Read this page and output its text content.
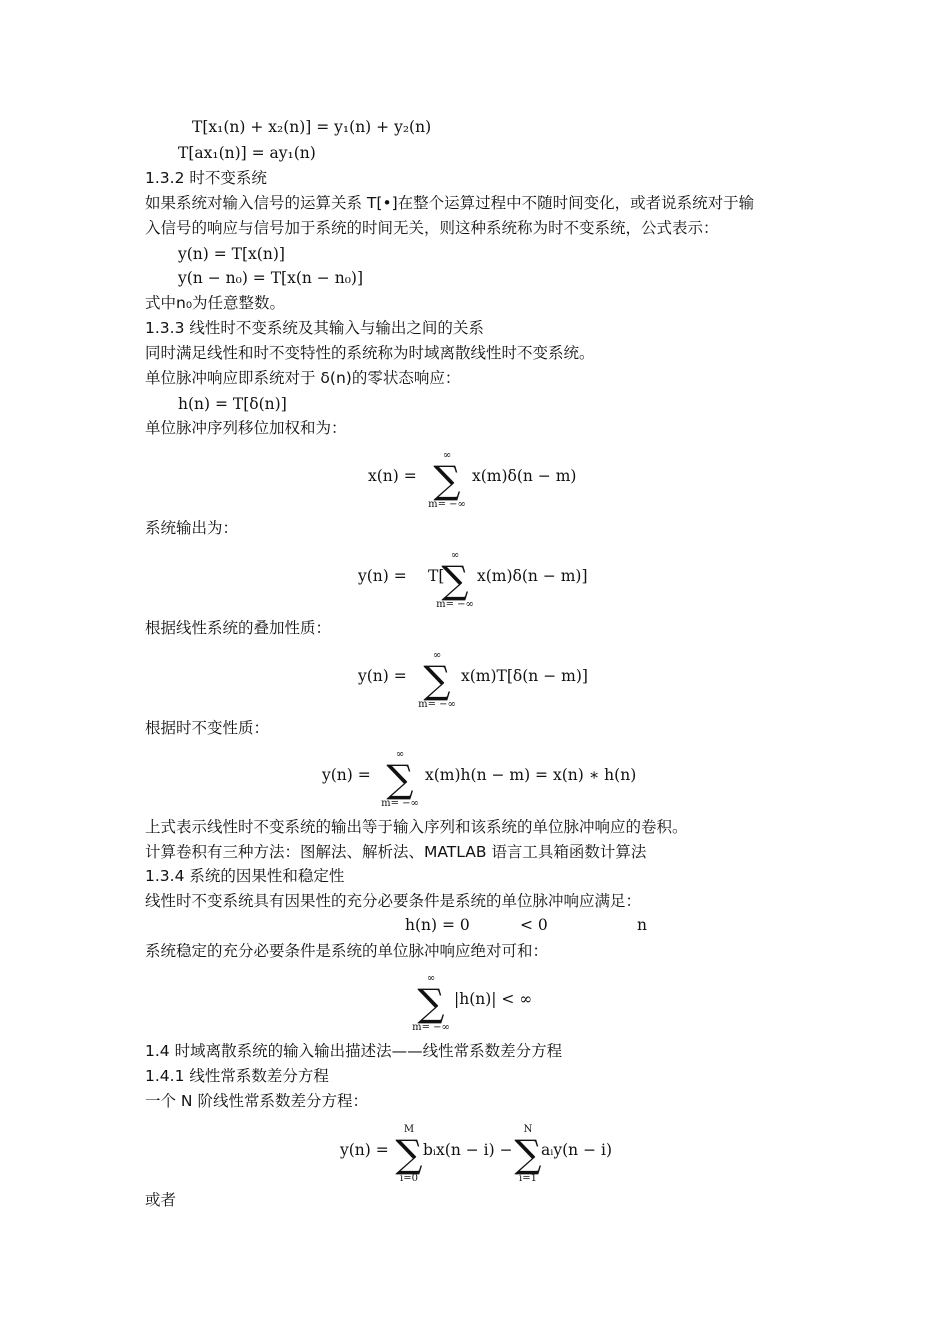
T[x₁(n) + x₂(n)] = y₁(n) + y₂(n)
T[ax₁(n)] = ay₁(n)
1.3.2 时不变系统
如果系统对输入信号的运算关系 T[•]在整个运算过程中不随时间变化，或者说系统对于输
入信号的响应与信号加于系统的时间无关，则这种系统称为时不变系统，公式表示：
y(n) = T[x(n)]
y(n − n₀) = T[x(n − n₀)]
式中n₀为任意整数。
1.3.3 线性时不变系统及其输入与输出之间的关系
同时满足线性和时不变特性的系统称为时域离散线性时不变系统。
单位脉冲响应即系统对于 δ(n)的零状态响应：
h(n) = T[δ(n)]
单位脉冲序列移位加权和为：
x(n) =
∞
∑
m= −∞
x(m)δ(n − m)
系统输出为：
y(n) = T[
∞
∑
m= −∞
x(m)δ(n − m)]
根据线性系统的叠加性质：
y(n) =
∞
∑
m= −∞
x(m)T[δ(n − m)]
根据时不变性质：
y(n) =
∞
∑
m= −∞
x(m)h(n − m) = x(n) ∗ h(n)
上式表示线性时不变系统的输出等于输入序列和该系统的单位脉冲响应的卷积。
计算卷积有三种方法：图解法、解析法、MATLAB 语言工具箱函数计算法
1.3.4 系统的因果性和稳定性
线性时不变系统具有因果性的充分必要条件是系统的单位脉冲响应满足：
h(n) = 0	< 0	n
系统稳定的充分必要条件是系统的单位脉冲响应绝对可和：
∞
∑
m= −∞
|h(n)| < ∞
1.4 时域离散系统的输入输出描述法——线性常系数差分方程
1.4.1 线性常系数差分方程
一个 N 阶线性常系数差分方程：
y(n) =
M
∑
i=0
bᵢx(n − i) −
N
∑
i=1
aᵢy(n − i)
或者
